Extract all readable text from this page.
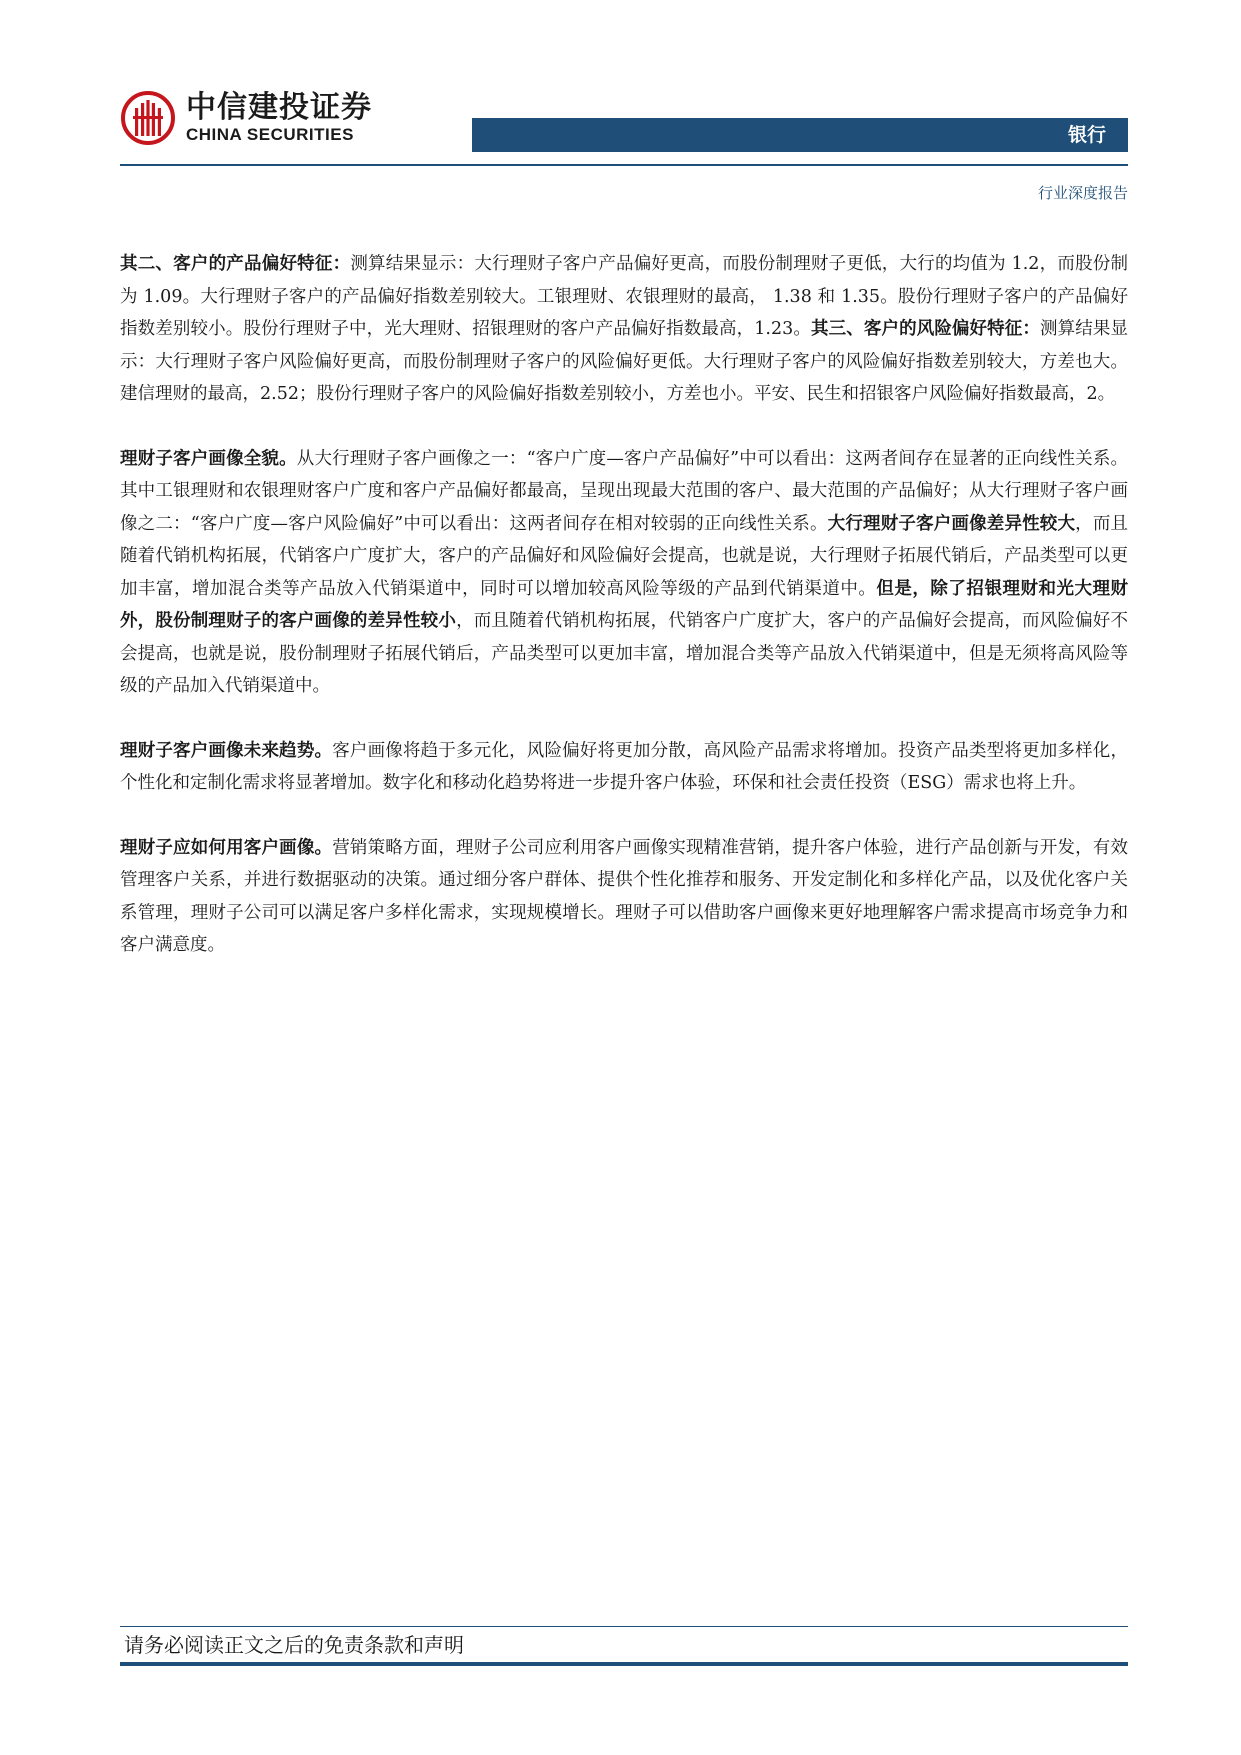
中信建投证券
CHINA SECURITIES	银行
行业深度报告

其二、客户的产品偏好特征：测算结果显示：大行理财子客户产品偏好更高，而股份制理财子更低，大行的均值为 1.2，而股份制为 1.09。大行理财子客户的产品偏好指数差别较大。工银理财、农银理财的最高， 1.38 和 1.35。股份行理财子客户的产品偏好指数差别较小。股份行理财子中，光大理财、招银理财的客户产品偏好指数最高，1.23。其三、客户的风险偏好特征：测算结果显示：大行理财子客户风险偏好更高，而股份制理财子客户的风险偏好更低。大行理财子客户的风险偏好指数差别较大，方差也大。建信理财的最高，2.52；股份行理财子客户的风险偏好指数差别较小，方差也小。平安、民生和招银客户风险偏好指数最高，2。

理财子客户画像全貌。从大行理财子客户画像之一：“客户广度—客户产品偏好”中可以看出：这两者间存在显著的正向线性关系。其中工银理财和农银理财客户广度和客户产品偏好都最高，呈现出现最大范围的客户、最大范围的产品偏好；从大行理财子客户画像之二：“客户广度—客户风险偏好”中可以看出：这两者间存在相对较弱的正向线性关系。大行理财子客户画像差异性较大，而且随着代销机构拓展，代销客户广度扩大，客户的产品偏好和风险偏好会提高，也就是说，大行理财子拓展代销后，产品类型可以更加丰富，增加混合类等产品放入代销渠道中，同时可以增加较高风险等级的产品到代销渠道中。但是，除了招银理财和光大理财外，股份制理财子的客户画像的差异性较小，而且随着代销机构拓展，代销客户广度扩大，客户的产品偏好会提高，而风险偏好不会提高，也就是说，股份制理财子拓展代销后，产品类型可以更加丰富，增加混合类等产品放入代销渠道中，但是无须将高风险等级的产品加入代销渠道中。

理财子客户画像未来趋势。客户画像将趋于多元化，风险偏好将更加分散，高风险产品需求将增加。投资产品类型将更加多样化，个性化和定制化需求将显著增加。数字化和移动化趋势将进一步提升客户体验，环保和社会责任投资（ESG）需求也将上升。

理财子应如何用客户画像。营销策略方面，理财子公司应利用客户画像实现精准营销，提升客户体验，进行产品创新与开发，有效管理客户关系，并进行数据驱动的决策。通过细分客户群体、提供个性化推荐和服务、开发定制化和多样化产品，以及优化客户关系管理，理财子公司可以满足客户多样化需求，实现规模增长。理财子可以借助客户画像来更好地理解客户需求提高市场竞争力和客户满意度。

请务必阅读正文之后的免责条款和声明
